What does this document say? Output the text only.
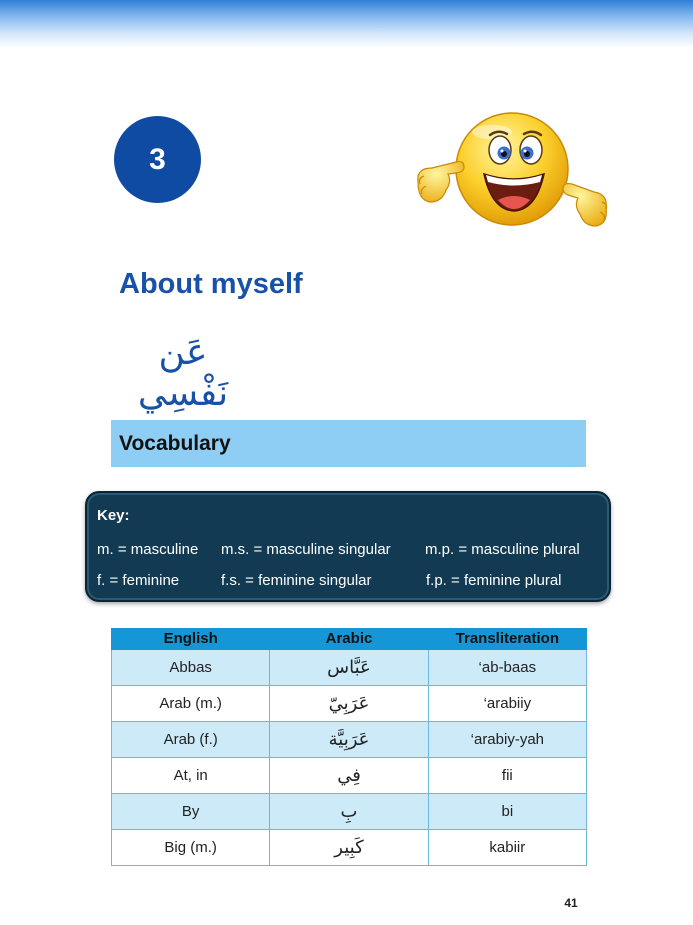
3
About myself
عَن نَفْسِي
Vocabulary
Key:
m. = masculine m.s. = masculine singular m.p. = masculine plural
f. = feminine	f.s. = feminine singular	f.p. = feminine plural
English	Arabic	Transliteration
Abbas	عَبَّاس	‘ab-baas
Arab (m.)	عَرَبِيّ	‘arabiiy
Arab (f.)	عَرَبِيَّة	‘arabiy-yah
At, in	فِي	fii
By	بِ	bi
Big (m.)	كَبِير	kabiir
41
